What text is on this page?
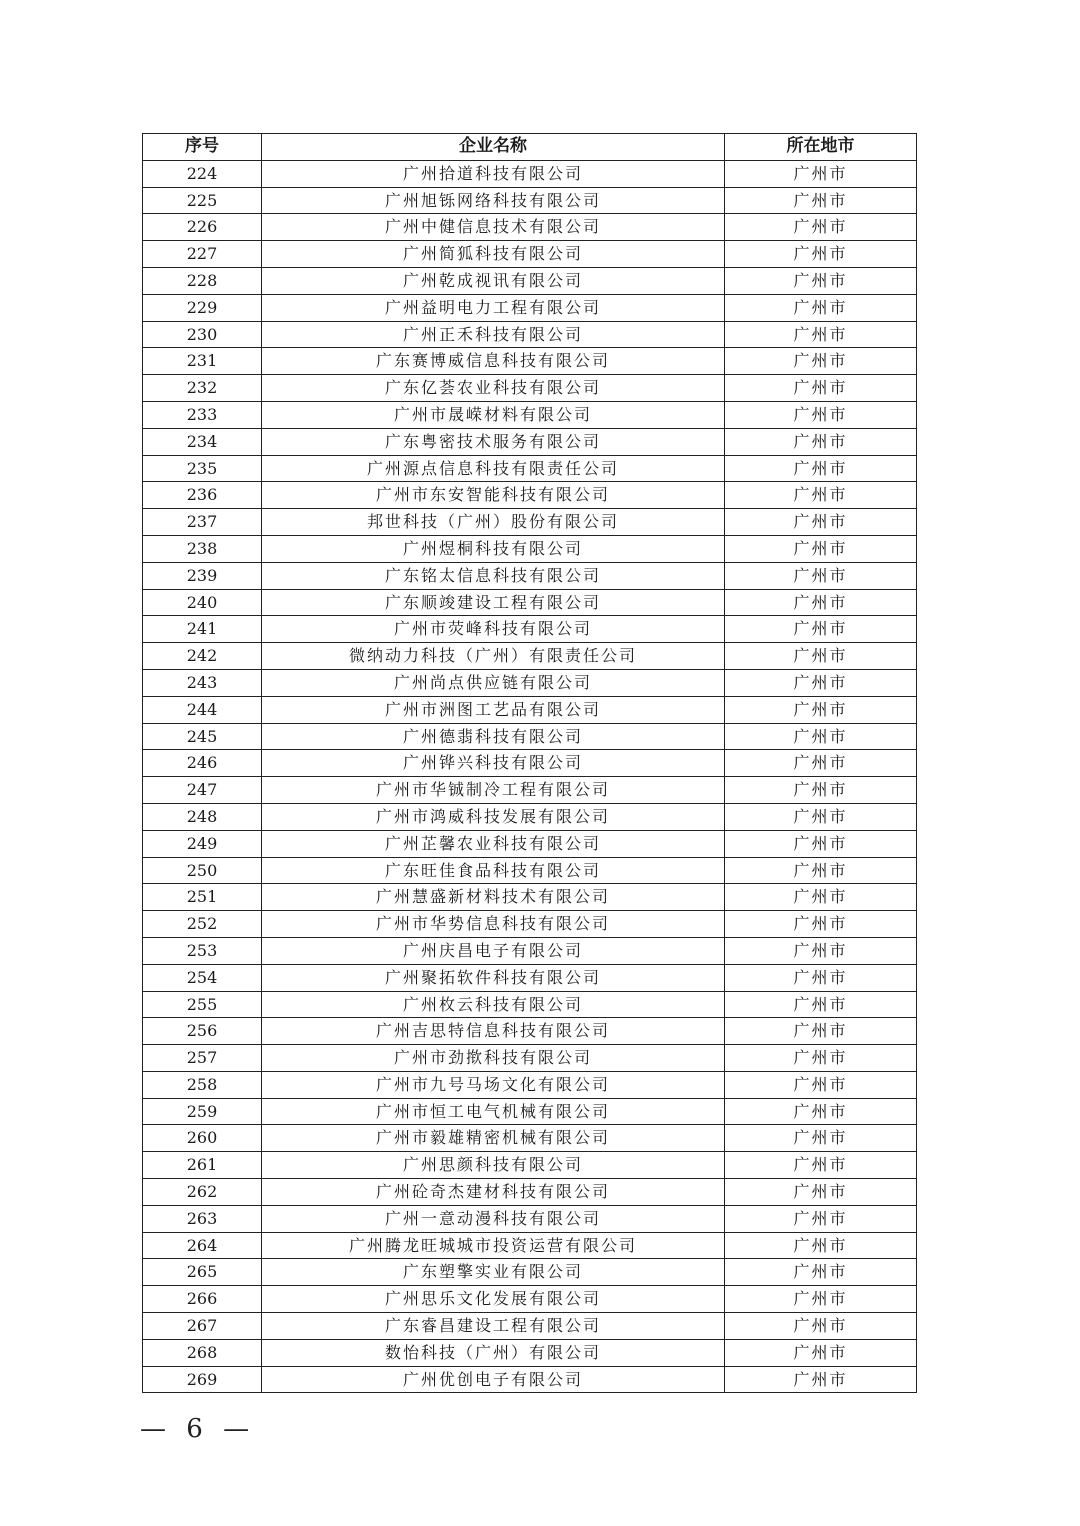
序号	企业名称	所在地市
224	广州拾道科技有限公司	广州市
225	广州旭铄网络科技有限公司	广州市
226	广州中健信息技术有限公司	广州市
227	广州简狐科技有限公司	广州市
228	广州乾成视讯有限公司	广州市
229	广州益明电力工程有限公司	广州市
230	广州正禾科技有限公司	广州市
231	广东赛博威信息科技有限公司	广州市
232	广东亿荟农业科技有限公司	广州市
233	广州市晟嵘材料有限公司	广州市
234	广东粤密技术服务有限公司	广州市
235	广州源点信息科技有限责任公司	广州市
236	广州市东安智能科技有限公司	广州市
237	邦世科技（广州）股份有限公司	广州市
238	广州煜桐科技有限公司	广州市
239	广东铭太信息科技有限公司	广州市
240	广东顺竣建设工程有限公司	广州市
241	广州市荧峰科技有限公司	广州市
242	微纳动力科技（广州）有限责任公司	广州市
243	广州尚点供应链有限公司	广州市
244	广州市洲图工艺品有限公司	广州市
245	广州德翡科技有限公司	广州市
246	广州铧兴科技有限公司	广州市
247	广州市华铖制冷工程有限公司	广州市
248	广州市鸿威科技发展有限公司	广州市
249	广州芷馨农业科技有限公司	广州市
250	广东旺佳食品科技有限公司	广州市
251	广州慧盛新材料技术有限公司	广州市
252	广州市华势信息科技有限公司	广州市
253	广州庆昌电子有限公司	广州市
254	广州聚拓软件科技有限公司	广州市
255	广州枚云科技有限公司	广州市
256	广州吉思特信息科技有限公司	广州市
257	广州市劲揿科技有限公司	广州市
258	广州市九号马场文化有限公司	广州市
259	广州市恒工电气机械有限公司	广州市
260	广州市毅雄精密机械有限公司	广州市
261	广州思颜科技有限公司	广州市
262	广州砼奇杰建材科技有限公司	广州市
263	广州一意动漫科技有限公司	广州市
264	广州腾龙旺城城市投资运营有限公司	广州市
265	广东塑擎实业有限公司	广州市
266	广州思乐文化发展有限公司	广州市
267	广东睿昌建设工程有限公司	广州市
268	数怡科技（广州）有限公司	广州市
269	广州优创电子有限公司	广州市
— 6 —
